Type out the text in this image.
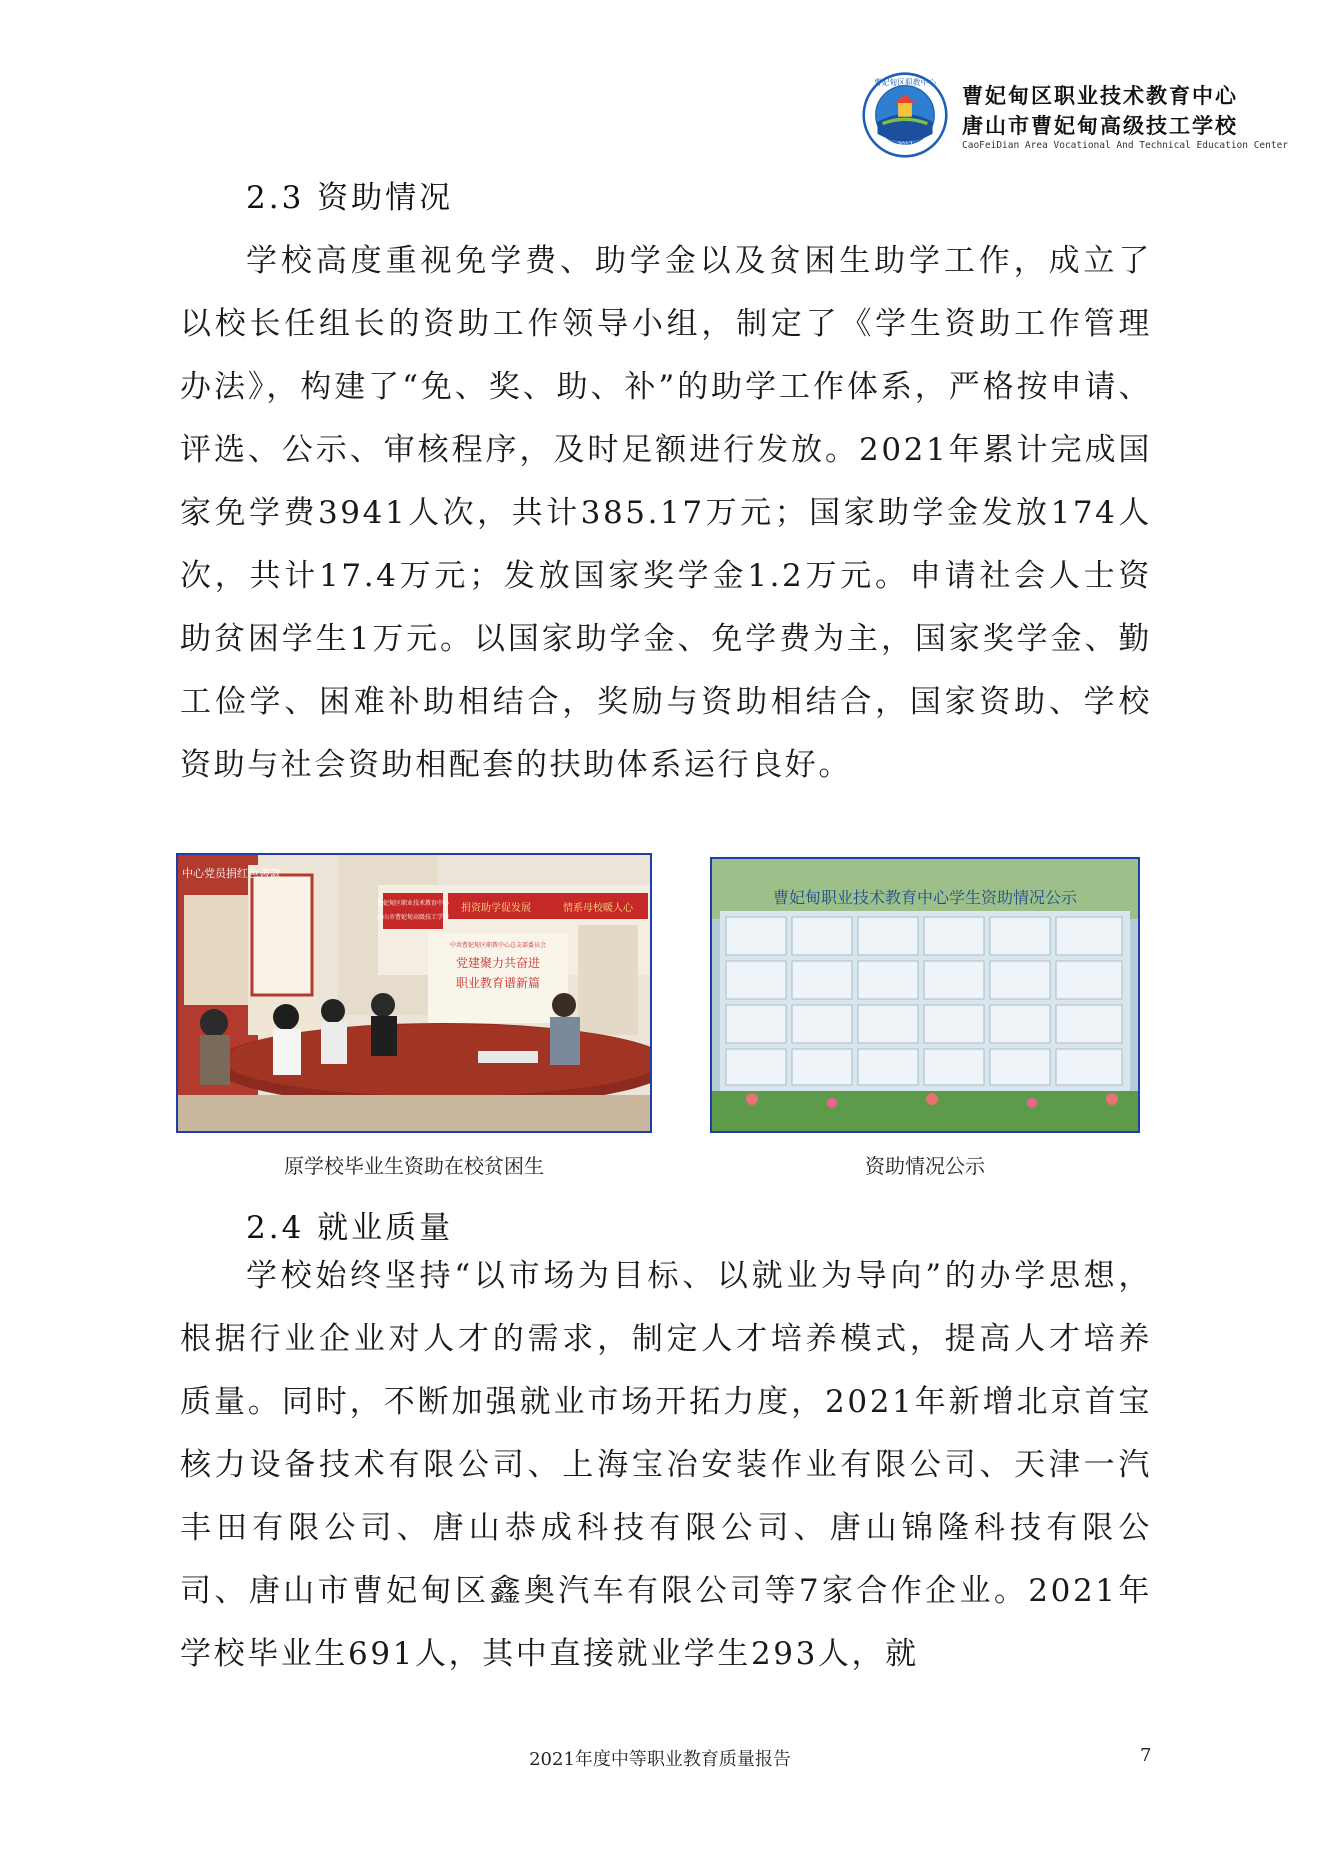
曹妃甸区职教中心
2017
曹妃甸区职业技术教育中心
唐山市曹妃甸高级技工学校
CaoFeiDian Area Vocational And Technical Education Center
2.3 资助情况

学校高度重视免学费、助学金以及贫困生助学工作，成立了以校长任组长的资助工作领导小组，制定了《学生资助工作管理办法》，构建了“免、奖、助、补”的助学工作体系，严格按申请、评选、公示、审核程序，及时足额进行发放。2021年累计完成国家免学费3941人次，共计385.17万元；国家助学金发放174人次，共计17.4万元；发放国家奖学金1.2万元。申请社会人士资助贫困学生1万元。以国家助学金、免学费为主，国家奖学金、勤工俭学、困难补助相结合，奖励与资助相结合，国家资助、学校资助与社会资助相配套的扶助体系运行良好。

中心党员捐红色善款
曹妃甸区职业技术教育中心
唐山市曹妃甸高级技工学校
捐资助学促发展	情系母校暖人心
中共曹妃甸区职教中心总支部委员会
党建聚力共奋进
职业教育谱新篇
原学校毕业生资助在校贫困生
曹妃甸职业技术教育中心学生资助情况公示
资助情况公示
2.4 就业质量

学校始终坚持“以市场为目标、以就业为导向”的办学思想，根据行业企业对人才的需求，制定人才培养模式，提高人才培养质量。同时，不断加强就业市场开拓力度，2021年新增北京首宝核力设备技术有限公司、上海宝冶安装作业有限公司、天津一汽丰田有限公司、唐山恭成科技有限公司、唐山锦隆科技有限公司、唐山市曹妃甸区鑫奥汽车有限公司等7家合作企业。2021年学校毕业生691人，其中直接就业学生293人，就

2021年度中等职业教育质量报告	7
